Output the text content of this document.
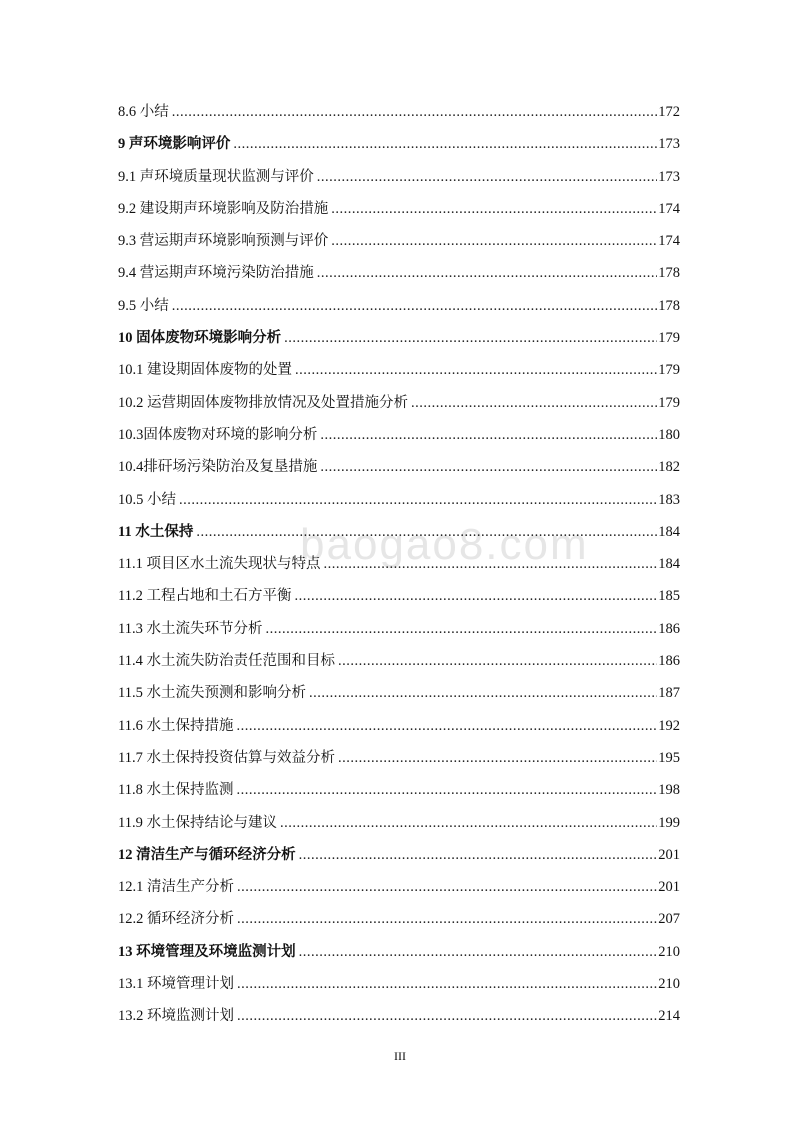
baogao8.com
8.6 小结 .....	172
9 声环境影响评价 .....	173
9.1 声环境质量现状监测与评价 .....	173
9.2 建设期声环境影响及防治措施 .....	174
9.3 营运期声环境影响预测与评价 .....	174
9.4 营运期声环境污染防治措施 .....	178
9.5 小结 .....	178
10 固体废物环境影响分析 .....	179
10.1 建设期固体废物的处置 .....	179
10.2 运营期固体废物排放情况及处置措施分析 .....	179
10.3固体废物对环境的影响分析 .....	180
10.4排矸场污染防治及复垦措施 .....	182
10.5 小结 .....	183
11 水土保持 .....	184
11.1 项目区水土流失现状与特点 .....	184
11.2 工程占地和土石方平衡 .....	185
11.3 水土流失环节分析 .....	186
11.4 水土流失防治责任范围和目标 .....	186
11.5 水土流失预测和影响分析 .....	187
11.6 水土保持措施 .....	192
11.7 水土保持投资估算与效益分析 .....	195
11.8 水土保持监测 .....	198
11.9 水土保持结论与建议 .....	199
12 清洁生产与循环经济分析 .....	201
12.1 清洁生产分析 .....	201
12.2 循环经济分析 .....	207
13 环境管理及环境监测计划 .....	210
13.1 环境管理计划 .....	210
13.2 环境监测计划 .....	214
III
